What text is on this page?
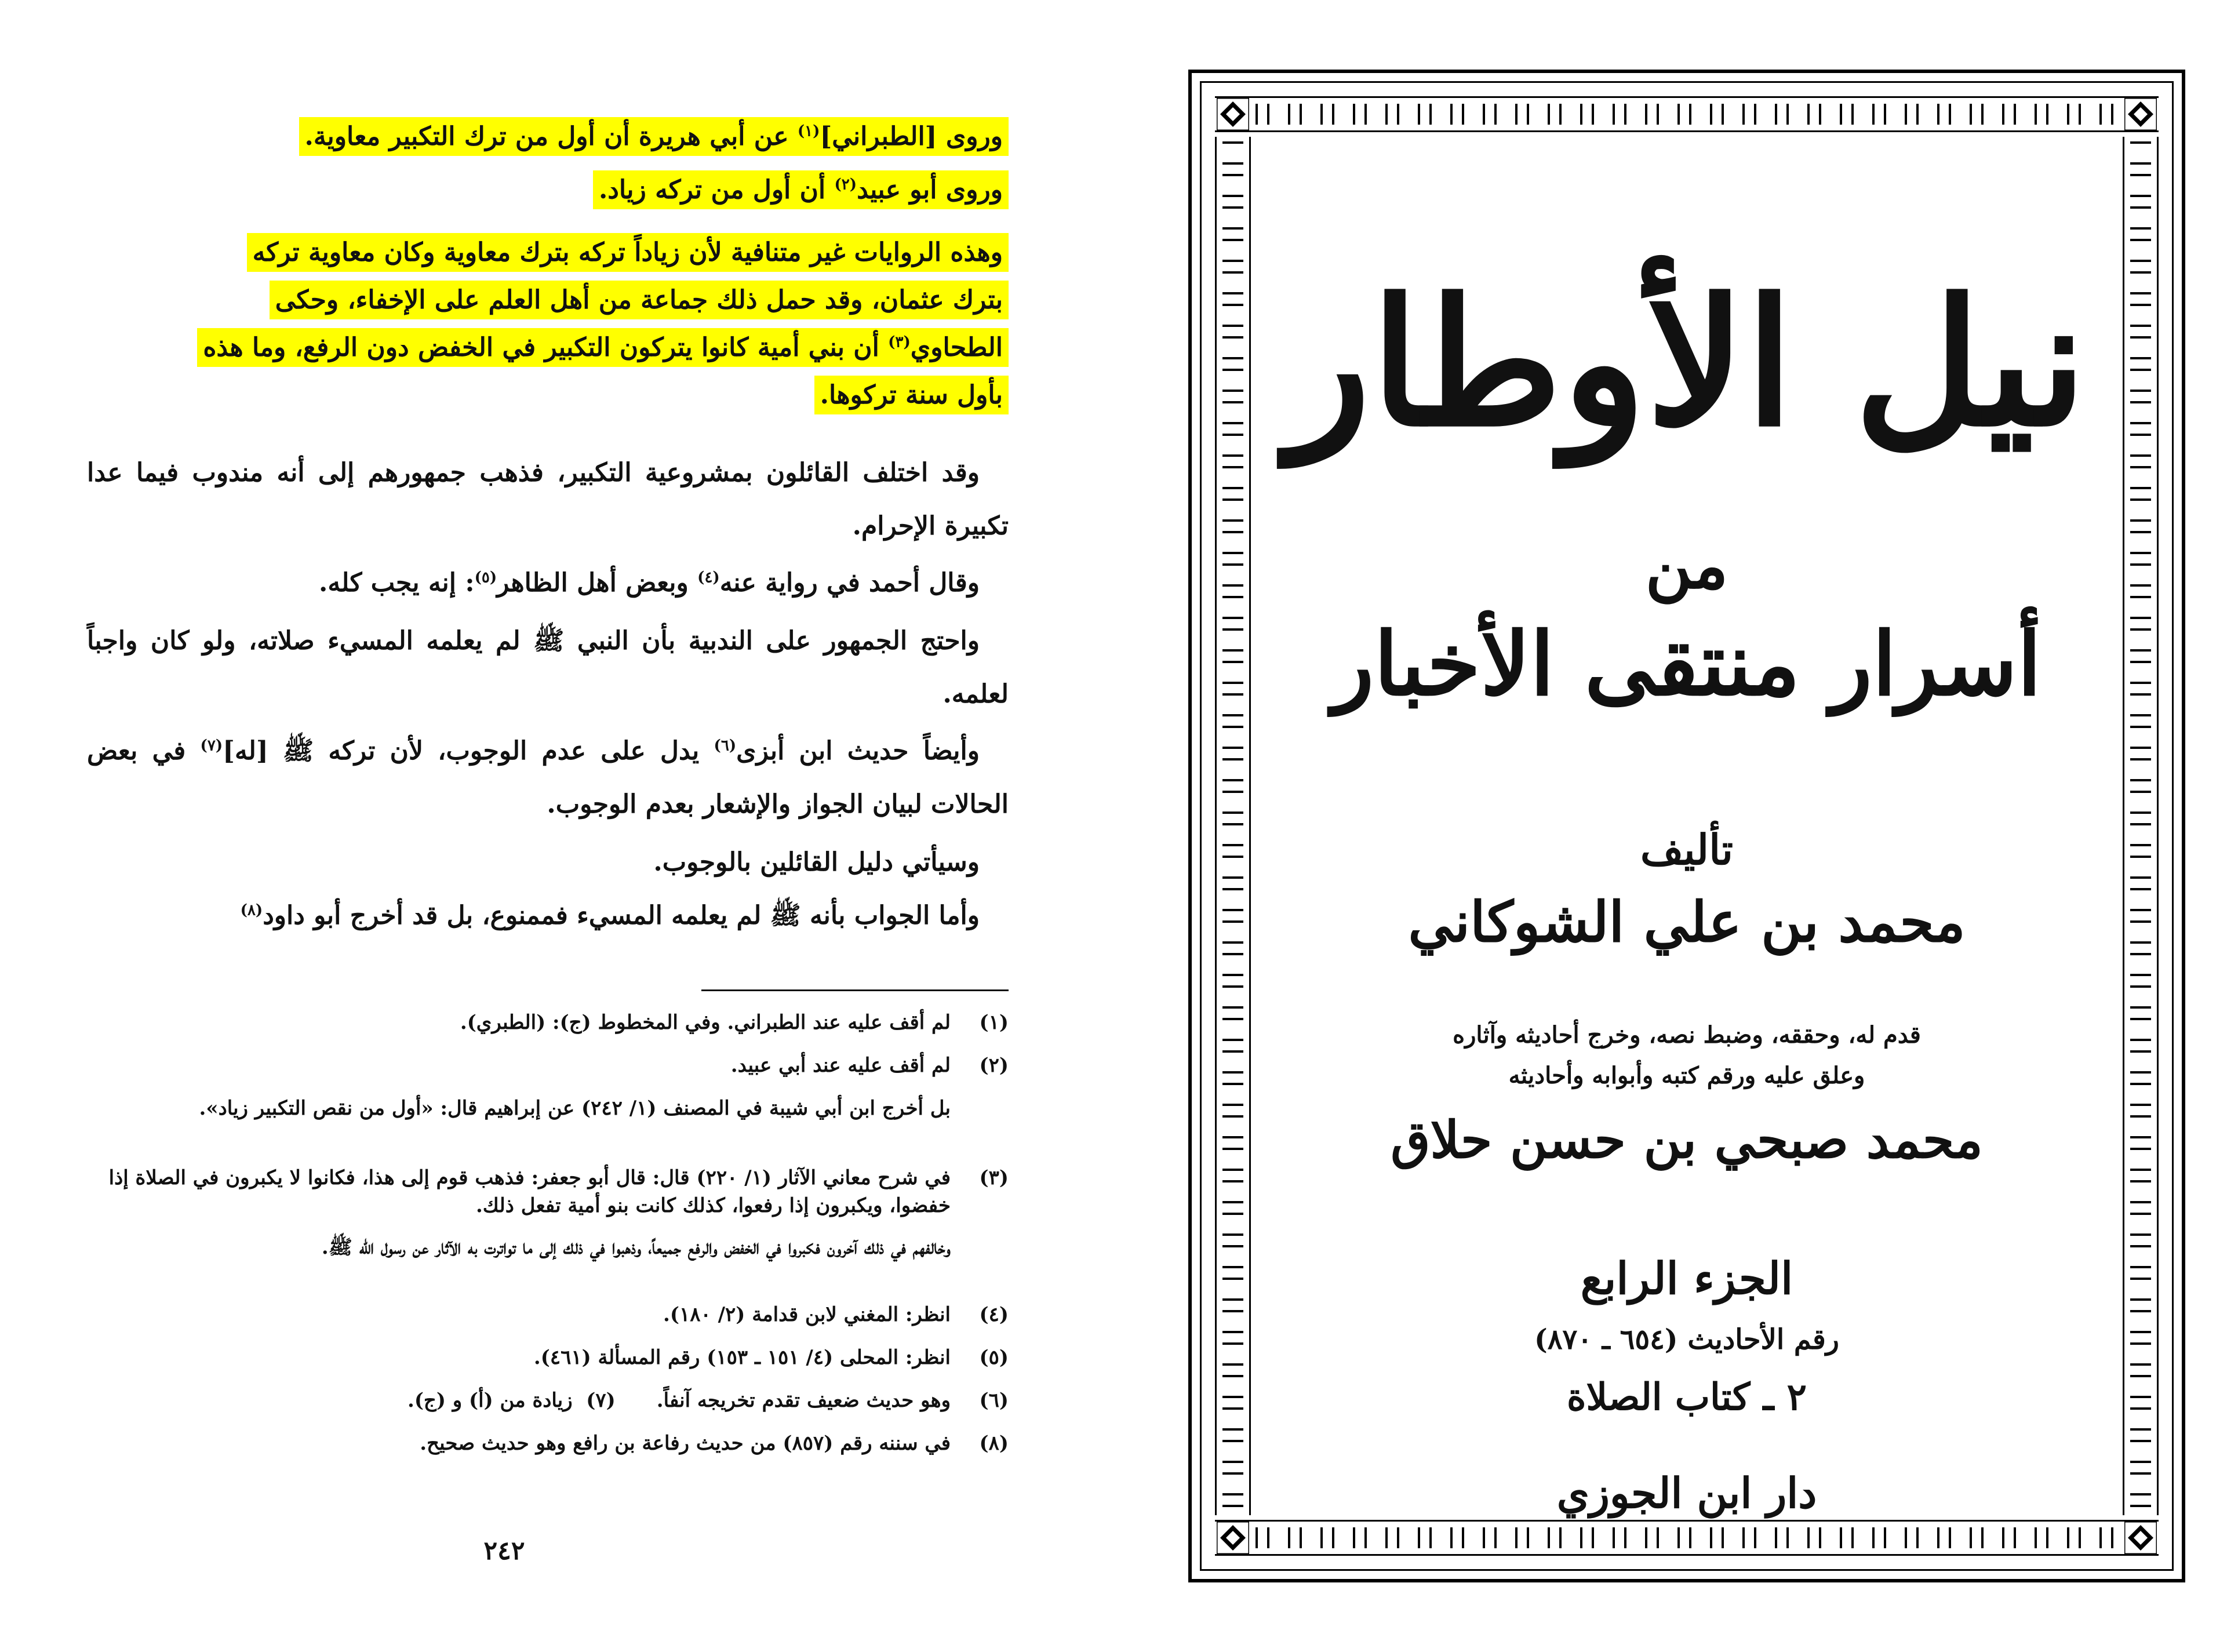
وروى [الطبراني]$^{(١)}$ عن أبي هريرة أن أول من ترك التكبير معاوية.
وروى أبو عبيد$^{(٢)}$ أن أول من تركه زياد.
وهذه الروايات غير متنافية لأن زياداً تركه بترك معاوية وكان معاوية تركه
بترك عثمان، وقد حمل ذلك جماعة من أهل العلم على الإخفاء، وحكى
الطحاوي$^{(٣)}$ أن بني أمية كانوا يتركون التكبير في الخفض دون الرفع، وما هذه
بأول سنة تركوها.
وقد اختلف القائلون بمشروعية التكبير، فذهب جمهورهم إلى أنه مندوب فيما عدا تكبيرة الإحرام.
وقال أحمد في رواية عنه$^{(٤)}$ وبعض أهل الظاهر$^{(٥)}$: إنه يجب كله.
واحتج الجمهور على الندبية بأن النبي ﷺ لم يعلمه المسيء صلاته، ولو كان واجباً لعلمه.
وأيضاً حديث ابن أبزى$^{(٦)}$ يدل على عدم الوجوب، لأن تركه ﷺ [له]$^{(٧)}$ في بعض الحالات لبيان الجواز والإشعار بعدم الوجوب.
وسيأتي دليل القائلين بالوجوب.
وأما الجواب بأنه ﷺ لم يعلمه المسيء فممنوع، بل قد أخرج أبو داود$^{(٨)}$
(١)
لم أقف عليه عند الطبراني. وفي المخطوط (ج): (الطبري).
(٢)
لم أقف عليه عند أبي عبيد.
بل أخرج ابن أبي شيبة في المصنف (١/ ٢٤٢) عن إبراهيم قال: «أول من نقص التكبير زياد».
(٣)
في شرح معاني الآثار (١/ ٢٢٠) قال: قال أبو جعفر: فذهب قوم إلى هذا، فكانوا لا يكبرون في الصلاة إذا خفضوا، ويكبرون إذا رفعوا، كذلك كانت بنو أمية تفعل ذلك.
وخالفهم في ذلك آخرون فكبروا في الخفض والرفع جميعاً، وذهبوا في ذلك إلى ما تواترت به الآثار عن رسول الله ﷺ.
(٤)
انظر: المغني لابن قدامة (٢/ ١٨٠).
(٥)
انظر: المحلى (٤/ ١٥١ ـ ١٥٣) رقم المسألة (٤٦١).
(٦)
وهو حديث ضعيف تقدم تخريجه آنفاً.      (٧)  زيادة من (أ) و (ج).
(٨)
في سننه رقم (٨٥٧) من حديث رفاعة بن رافع وهو حديث صحيح.
٢٤٢
نيل الأوطار
من
أسرار منتقى الأخبار
تأليف
محمد بن علي الشوكاني
قدم له، وحققه، وضبط نصه، وخرج أحاديثه وآثاره
وعلق عليه ورقم كتبه وأبوابه وأحاديثه
محمد صبحي بن حسن حلاق
الجزء الرابع
رقم الأحاديث (٦٥٤ ـ ٨٧٠)
٢ ـ كتاب الصلاة
دار ابن الجوزي
